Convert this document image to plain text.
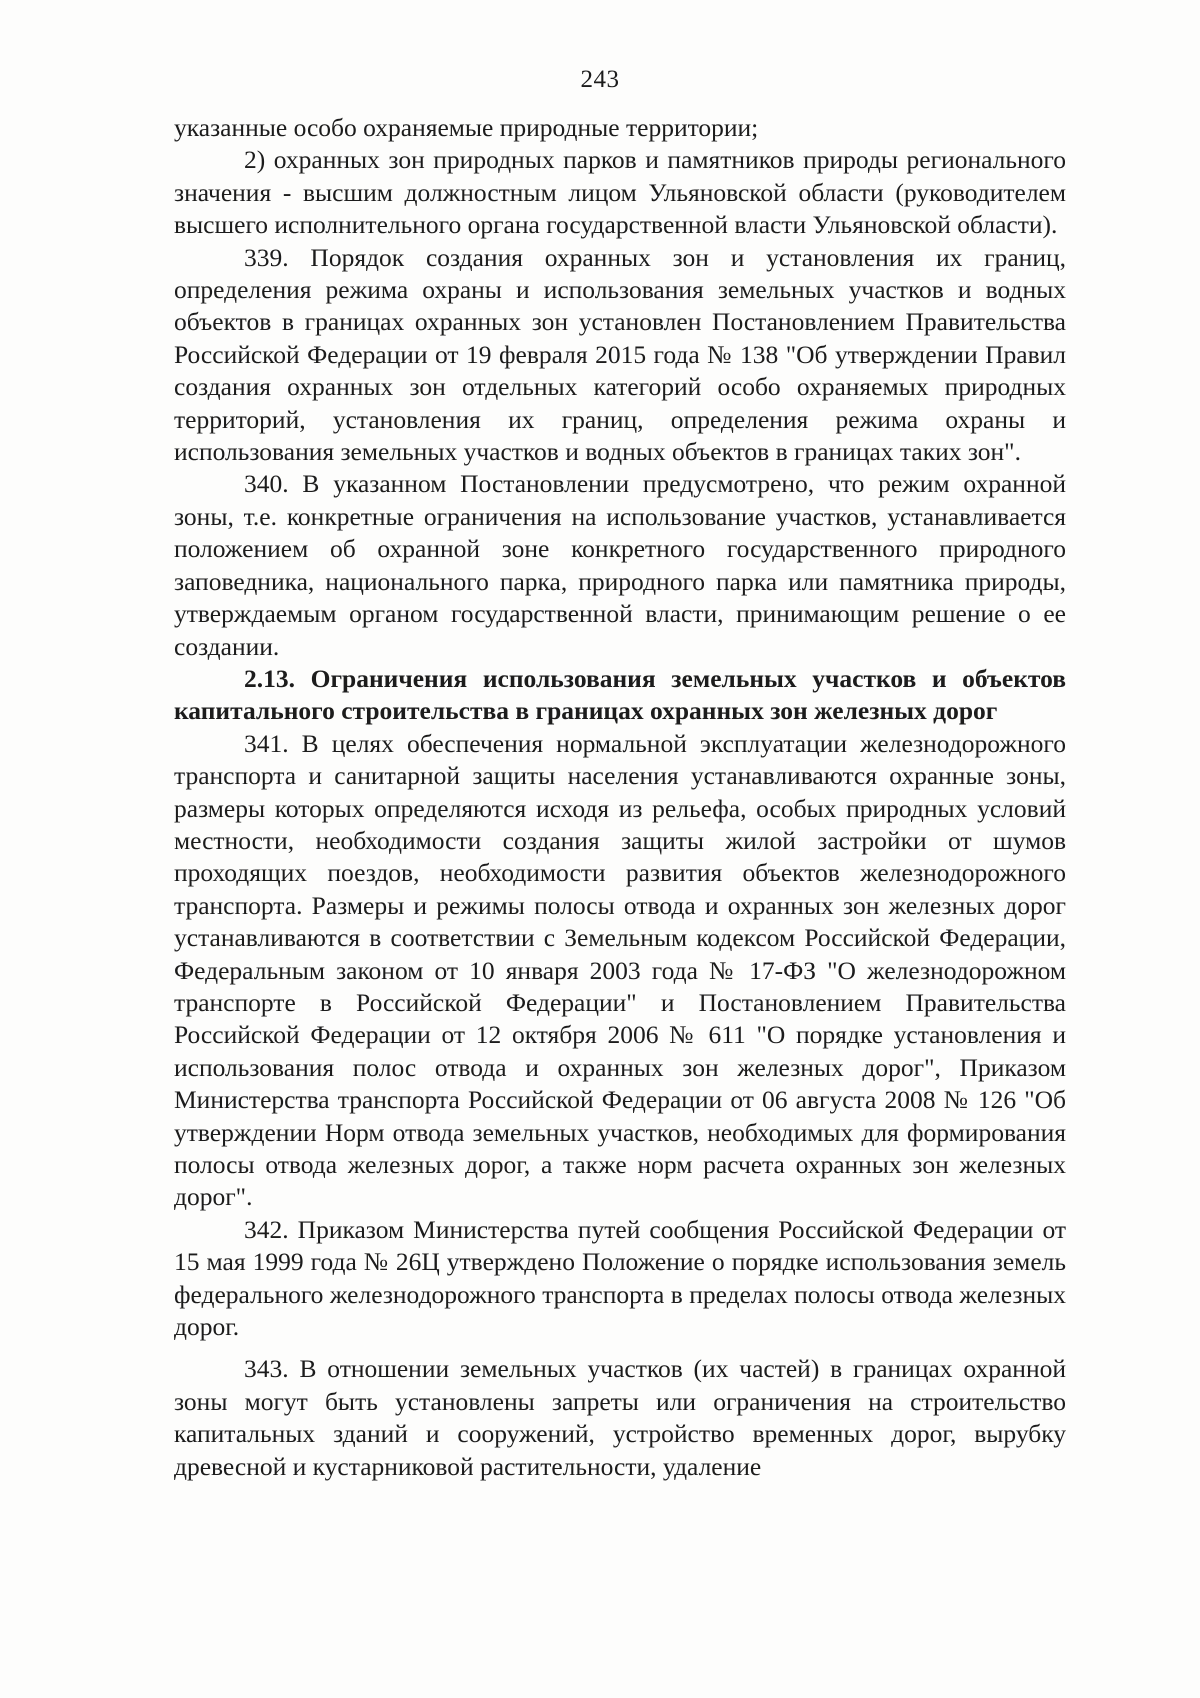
243

указанные особо охраняемые природные территории;

2) охранных зон природных парков и памятников природы регионального значения - высшим должностным лицом Ульяновской области (руководителем высшего исполнительного органа государственной власти Ульяновской области).

339. Порядок создания охранных зон и установления их границ, определения режима охраны и использования земельных участков и водных объектов в границах охранных зон установлен Постановлением Правительства Российской Федерации от 19 февраля 2015 года № 138 "Об утверждении Правил создания охранных зон отдельных категорий особо охраняемых природных территорий, установления их границ, определения режима охраны и использования земельных участков и водных объектов в границах таких зон".

340. В указанном Постановлении предусмотрено, что режим охранной зоны, т.е. конкретные ограничения на использование участков, устанавливается положением об охранной зоне конкретного государственного природного заповедника, национального парка, природного парка или памятника природы, утверждаемым органом государственной власти, принимающим решение о ее создании.

2.13. Ограничения использования земельных участков и объектов капитального строительства в границах охранных зон железных дорог

341. В целях обеспечения нормальной эксплуатации железнодорожного транспорта и санитарной защиты населения устанавливаются охранные зоны, размеры которых определяются исходя из рельефа, особых природных условий местности, необходимости создания защиты жилой застройки от шумов проходящих поездов, необходимости развития объектов железнодорожного транспорта. Размеры и режимы полосы отвода и охранных зон железных дорог устанавливаются в соответствии с Земельным кодексом Российской Федерации, Федеральным законом от 10 января 2003 года № 17-ФЗ "О железнодорожном транспорте в Российской Федерации" и Постановлением Правительства Российской Федерации от 12 октября 2006 № 611 "О порядке установления и использования полос отвода и охранных зон железных дорог", Приказом Министерства транспорта Российской Федерации от 06 августа 2008 № 126 "Об утверждении Норм отвода земельных участков, необходимых для формирования полосы отвода железных дорог, а также норм расчета охранных зон железных дорог".

342. Приказом Министерства путей сообщения Российской Федерации от 15 мая 1999 года № 26Ц утверждено Положение о порядке использования земель федерального железнодорожного транспорта в пределах полосы отвода железных дорог.

343. В отношении земельных участков (их частей) в границах охранной зоны могут быть установлены запреты или ограничения на строительство капитальных зданий и сооружений, устройство временных дорог, вырубку древесной и кустарниковой растительности, удаление
